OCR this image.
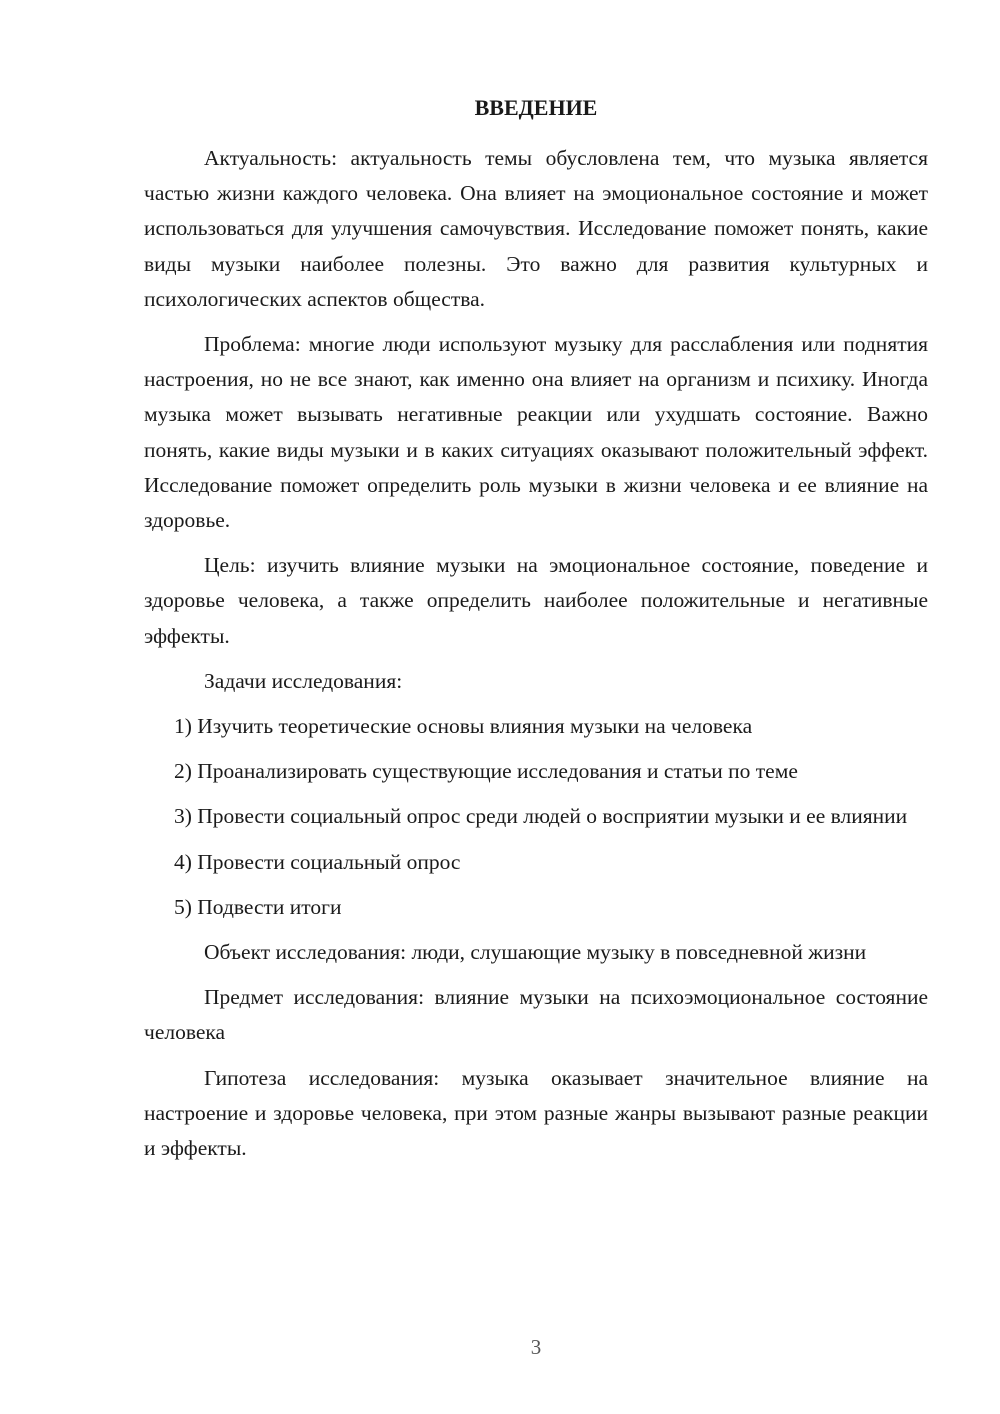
ВВЕДЕНИЕ

Актуальность: актуальность темы обусловлена тем, что музыка является частью жизни каждого человека. Она влияет на эмоциональное состояние и может использоваться для улучшения самочувствия. Исследование поможет понять, какие виды музыки наиболее полезны. Это важно для развития культурных и психологических аспектов общества.

Проблема: многие люди используют музыку для расслабления или поднятия настроения, но не все знают, как именно она влияет на организм и психику. Иногда музыка может вызывать негативные реакции или ухудшать состояние. Важно понять, какие виды музыки и в каких ситуациях оказывают положительный эффект. Исследование поможет определить роль музыки в жизни человека и ее влияние на здоровье.

Цель: изучить влияние музыки на эмоциональное состояние, поведение и здоровье человека, а также определить наиболее положительные и негативные эффекты.

Задачи исследования:

1) Изучить теоретические основы влияния музыки на человека

2) Проанализировать существующие исследования и статьи по теме

3) Провести социальный опрос среди людей о восприятии музыки и ее влиянии

4) Провести социальный опрос

5) Подвести итоги

Объект исследования: люди, слушающие музыку в повседневной жизни

Предмет исследования: влияние музыки на психоэмоциональное состояние человека

Гипотеза исследования: музыка оказывает значительное влияние на настроение и здоровье человека, при этом разные жанры вызывают разные реакции и эффекты.

3
